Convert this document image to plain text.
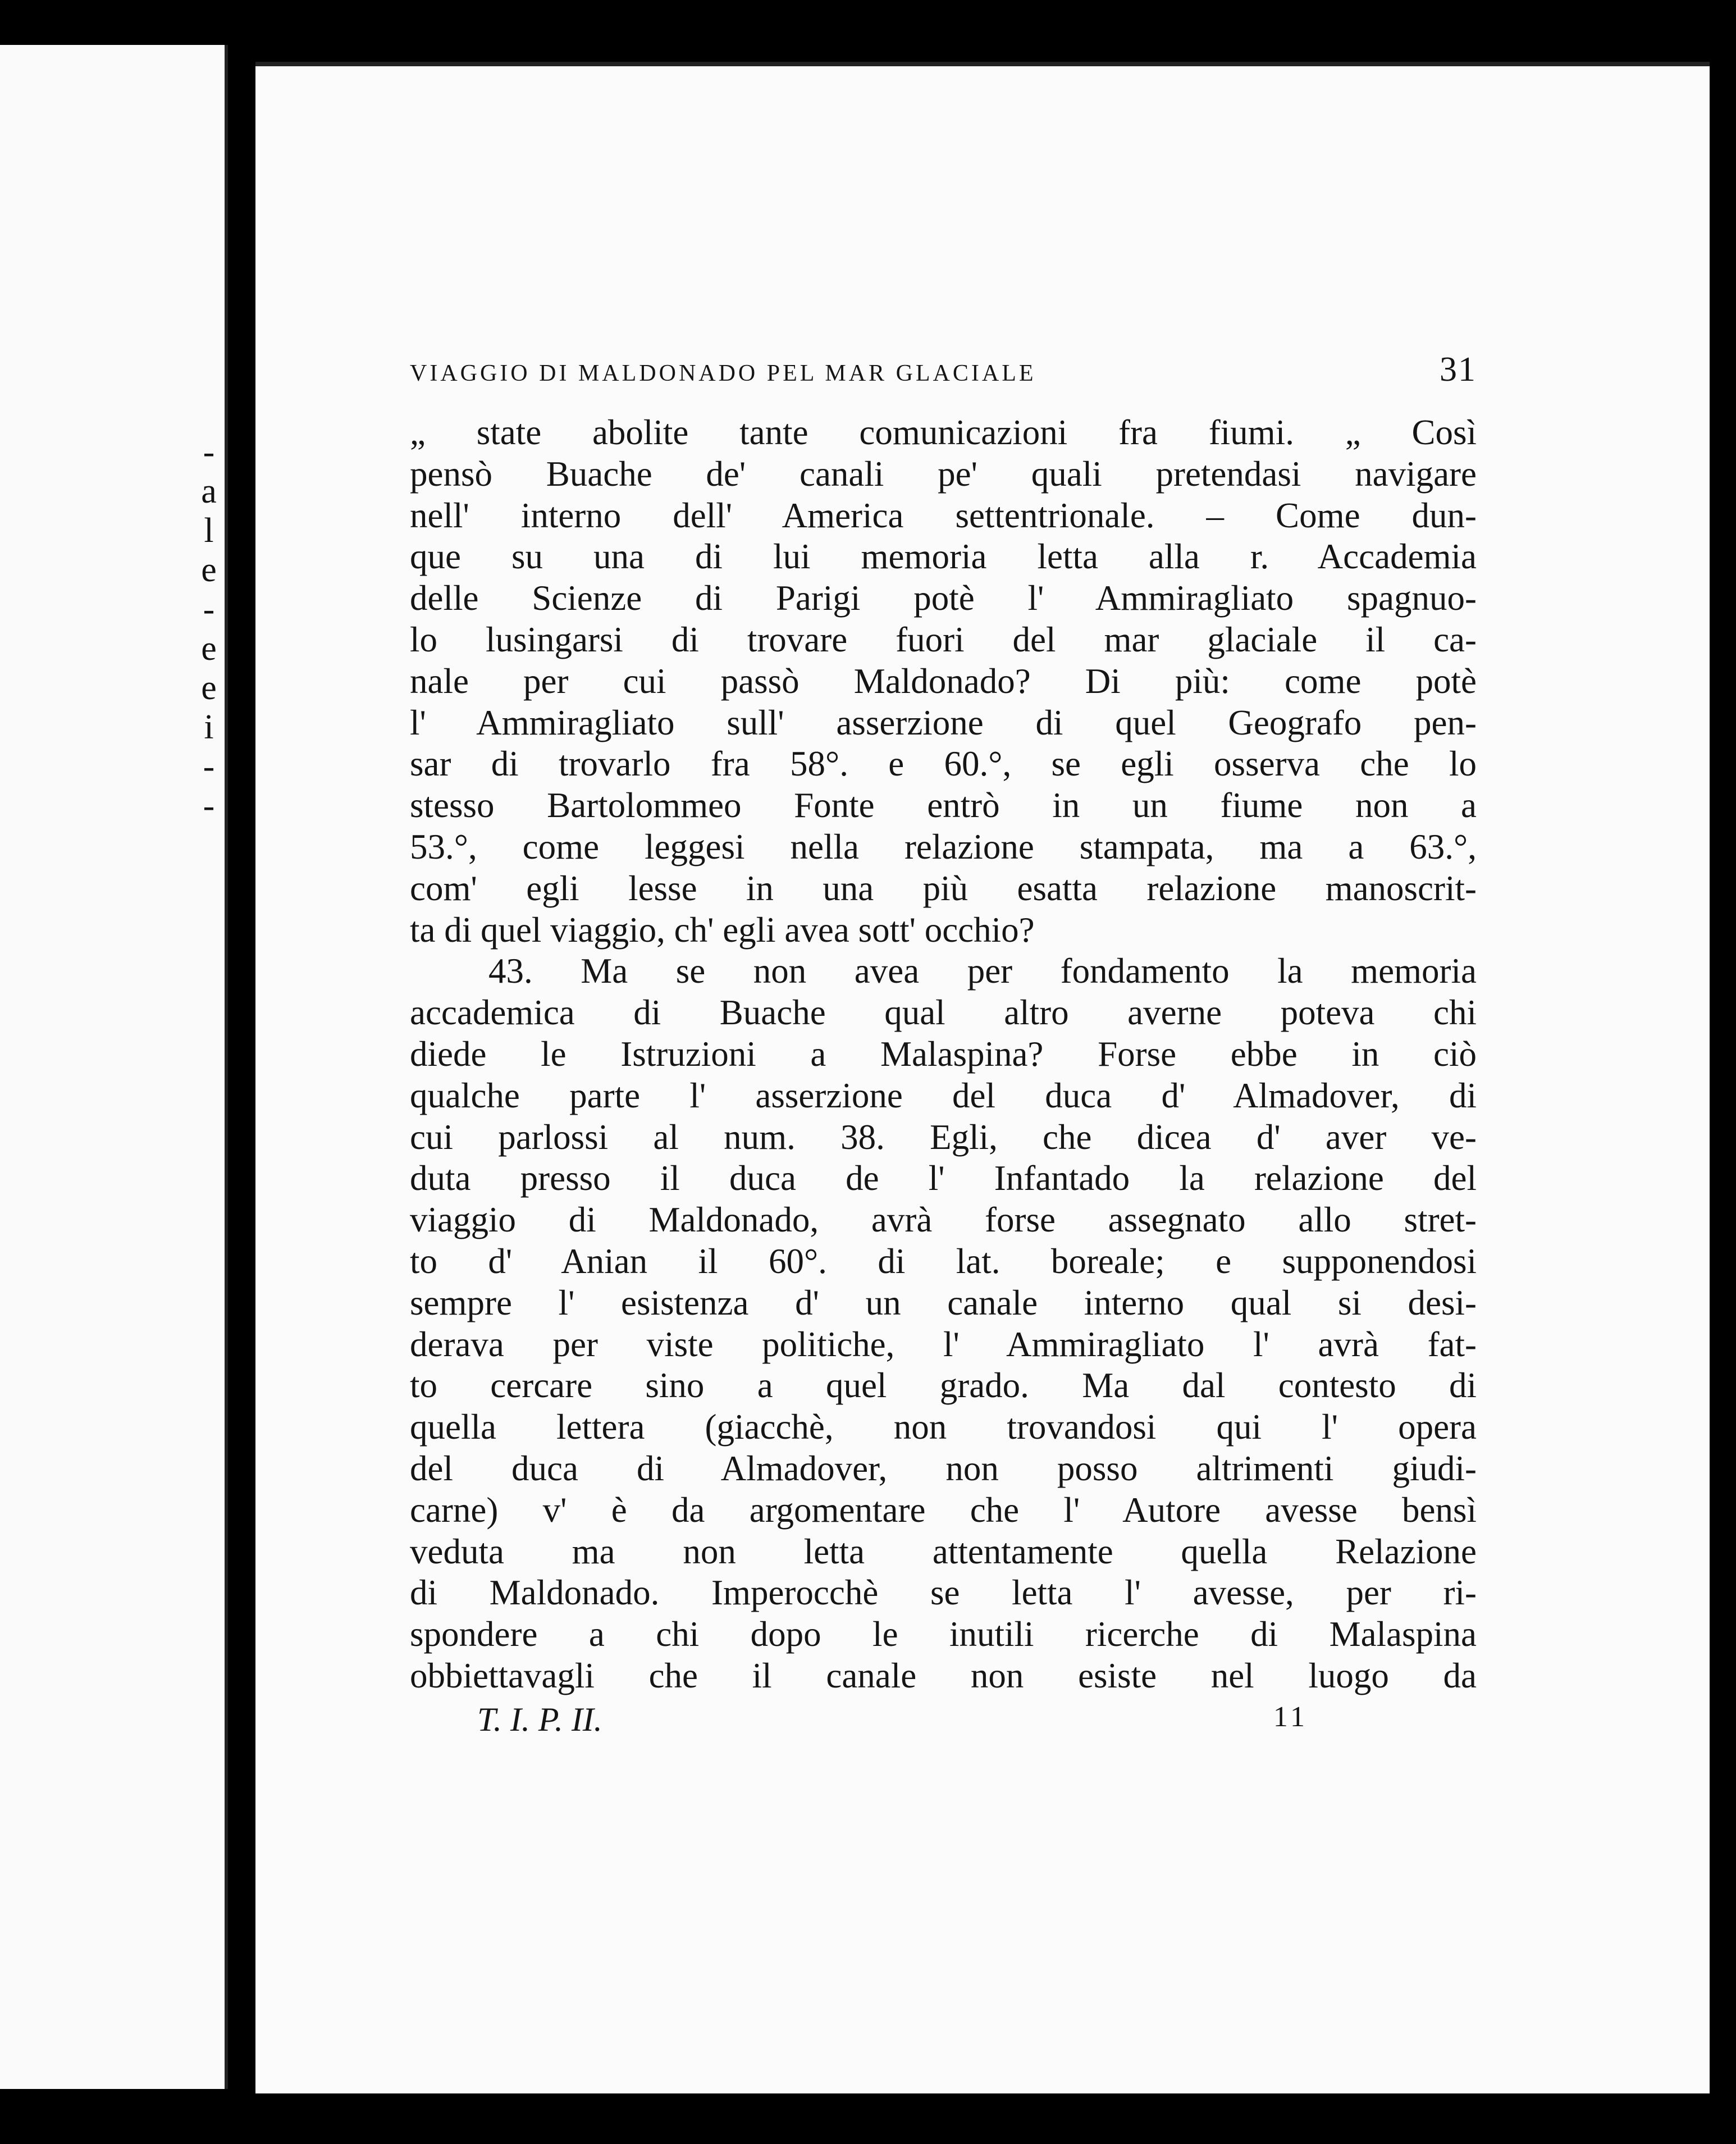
-
a
l
e
-
e
e
i
-
-
VIAGGIO DI MALDONADO PEL MAR GLACIALE	31
„ state abolite tante comunicazioni fra fiumi. „ Così
pensò Buache de' canali pe' quali pretendasi navigare
nell' interno dell' America settentrionale. – Come dun-
que su una di lui memoria letta alla r. Accademia
delle Scienze di Parigi potè l' Ammiragliato spagnuo-
lo lusingarsi di trovare fuori del mar glaciale il ca-
nale per cui passò Maldonado? Di più: come potè
l' Ammiragliato sull' asserzione di quel Geografo pen-
sar di trovarlo fra 58°. e 60.°, se egli osserva che lo
stesso Bartolommeo Fonte entrò in un fiume non a
53.°, come leggesi nella relazione stampata, ma a 63.°,
com' egli lesse in una più esatta relazione manoscrit-
ta di quel viaggio, ch' egli avea sott' occhio?
43. Ma se non avea per fondamento la memoria
accademica di Buache qual altro averne poteva chi
diede le Istruzioni a Malaspina? Forse ebbe in ciò
qualche parte l' asserzione del duca d' Almadover, di
cui parlossi al num. 38. Egli, che dicea d' aver ve-
duta presso il duca de l' Infantado la relazione del
viaggio di Maldonado, avrà forse assegnato allo stret-
to d' Anian il 60°. di lat. boreale; e supponendosi
sempre l' esistenza d' un canale interno qual si desi-
derava per viste politiche, l' Ammiragliato l' avrà fat-
to cercare sino a quel grado. Ma dal contesto di
quella lettera (giacchè, non trovandosi qui l' opera
del duca di Almadover, non posso altrimenti giudi-
carne) v' è da argomentare che l' Autore avesse bensì
veduta ma non letta attentamente quella Relazione
di Maldonado. Imperocchè se letta l' avesse, per ri-
spondere a chi dopo le inutili ricerche di Malaspina
obbiettavagli che il canale non esiste nel luogo da
T. I. P. II.	11
